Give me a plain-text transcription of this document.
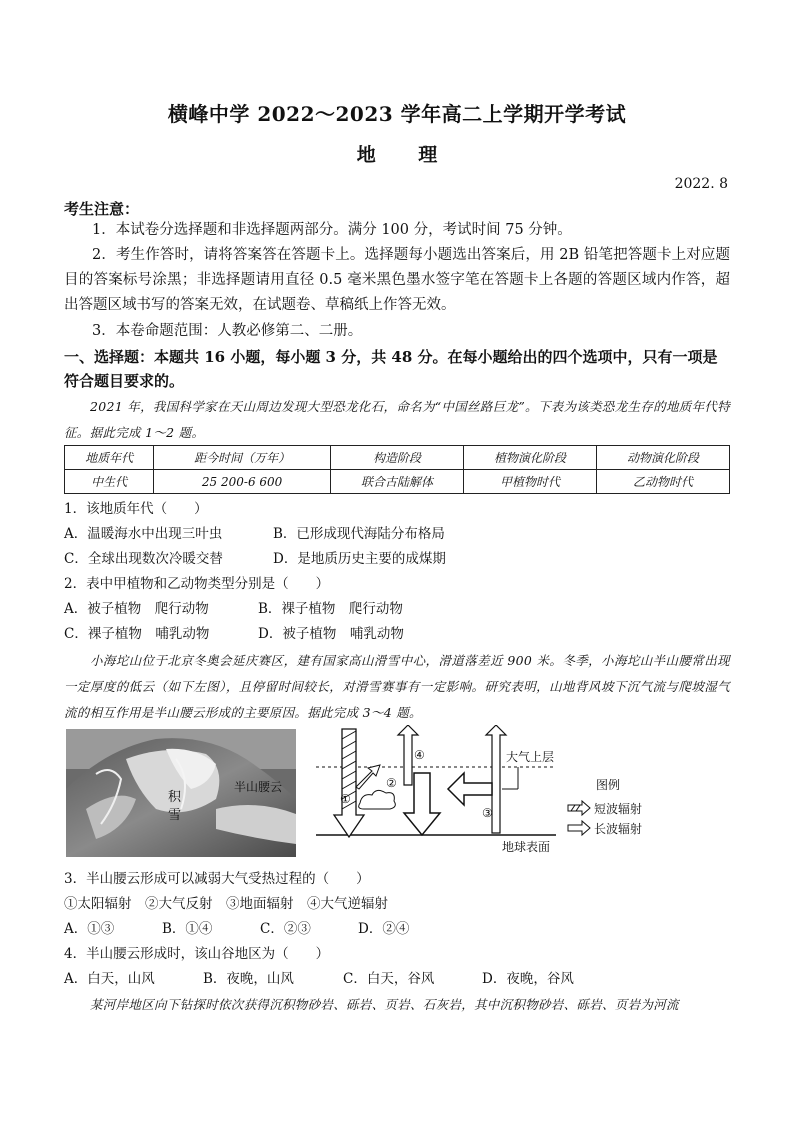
横峰中学 2022～2023 学年高二上学期开学考试
地 理
2022. 8
考生注意：
1．本试卷分选择题和非选择题两部分。满分 100 分，考试时间 75 分钟。
2．考生作答时，请将答案答在答题卡上。选择题每小题选出答案后，用 2B 铅笔把答题卡上对应题目的答案标号涂黑；非选择题请用直径 0.5 毫米黑色墨水签字笔在答题卡上各题的答题区域内作答，超出答题区域书写的答案无效，在试题卷、草稿纸上作答无效。
3．本卷命题范围：人教必修第二、二册。
一、选择题：本题共 16 小题，每小题 3 分，共 48 分。在每小题给出的四个选项中，只有一项是符合题目要求的。
2021 年，我国科学家在天山周边发现大型恐龙化石，命名为“中国丝路巨龙”。下表为该类恐龙生存的地质年代特征。据此完成 1～2 题。
地质年代	距今时间（万年）	构造阶段	植物演化阶段	动物演化阶段
中生代	25 200-6 600	联合古陆解体	甲植物时代	乙动物时代
1．该地质年代（　　）
A．温暖海水中出现三叶虫	B．已形成现代海陆分布格局
C．全球出现数次冷暖交替	D．是地质历史主要的成煤期
2．表中甲植物和乙动物类型分别是（　　）
A．被子植物　爬行动物	B．裸子植物　爬行动物
C．裸子植物　哺乳动物	D．被子植物　哺乳动物
小海坨山位于北京冬奥会延庆赛区，建有国家高山滑雪中心，滑道落差近 900 米。冬季，小海坨山半山腰常出现一定厚度的低云（如下左图），且停留时间较长，对滑雪赛事有一定影响。研究表明，山地背风坡下沉气流与爬坡湿气流的相互作用是半山腰云形成的主要原因。据此完成 3～4 题。
积
雪
半山腰云
①
②
③
④	大气上层
地球表面
图例
短波辐射
长波辐射
3．半山腰云形成可以减弱大气受热过程的（　　）
①太阳辐射　②大气反射　③地面辐射　④大气逆辐射
A．①③	B．①④	C．②③	D．②④
4．半山腰云形成时，该山谷地区为（　　）
A．白天，山风	B．夜晚，山风	C．白天，谷风	D．夜晚，谷风
某河岸地区向下钻探时依次获得沉积物砂岩、砾岩、页岩、石灰岩，其中沉积物砂岩、砾岩、页岩为河流
